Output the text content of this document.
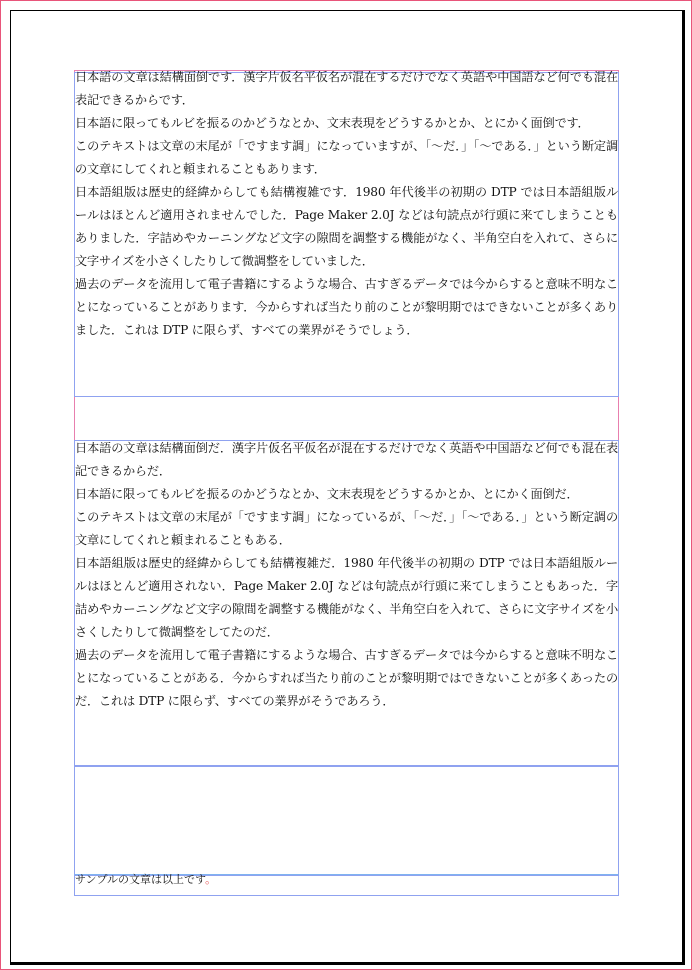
日本語の文章は結構面倒です．漢字片仮名平仮名が混在するだけでなく英語や中国語など何でも混在表記できるからです．

日本語に限ってもルビを振るのかどうなとか、文末表現をどうするかとか、とにかく面倒です．

このテキストは文章の末尾が「ですます調」になっていますが、「～だ．」「～である．」という断定調の文章にしてくれと頼まれることもあります．

日本語組版は歴史的経緯からしても結構複雑です．1980 年代後半の初期の DTP では日本語組版ルールはほとんど適用されませんでした．Page Maker 2.0J などは句読点が行頭に来てしまうこともありました．字詰めやカーニングなど文字の隙間を調整する機能がなく、半角空白を入れて、さらに文字サイズを小さくしたりして微調整をしていました．

過去のデータを流用して電子書籍にするような場合、古すぎるデータでは今からすると意味不明なことになっていることがあります．今からすれば当たり前のことが黎明期ではできないことが多くありました．これは DTP に限らず、すべての業界がそうでしょう．

日本語の文章は結構面倒だ．漢字片仮名平仮名が混在するだけでなく英語や中国語など何でも混在表記できるからだ．

日本語に限ってもルビを振るのかどうなとか、文末表現をどうするかとか、とにかく面倒だ．

このテキストは文章の末尾が「ですます調」になっているが、「～だ．」「～である．」という断定調の文章にしてくれと頼まれることもある．

日本語組版は歴史的経緯からしても結構複雑だ．1980 年代後半の初期の DTP では日本語組版ルールはほとんど適用されない．Page Maker 2.0J などは句読点が行頭に来てしまうこともあった．字詰めやカーニングなど文字の隙間を調整する機能がなく、半角空白を入れて、さらに文字サイズを小さくしたりして微調整をしてたのだ．

過去のデータを流用して電子書籍にするような場合、古すぎるデータでは今からすると意味不明なことになっていることがある．今からすれば当たり前のことが黎明期ではできないことが多くあったのだ．これは DTP に限らず、すべての業界がそうであろう．

サンプルの文章は以上です。
